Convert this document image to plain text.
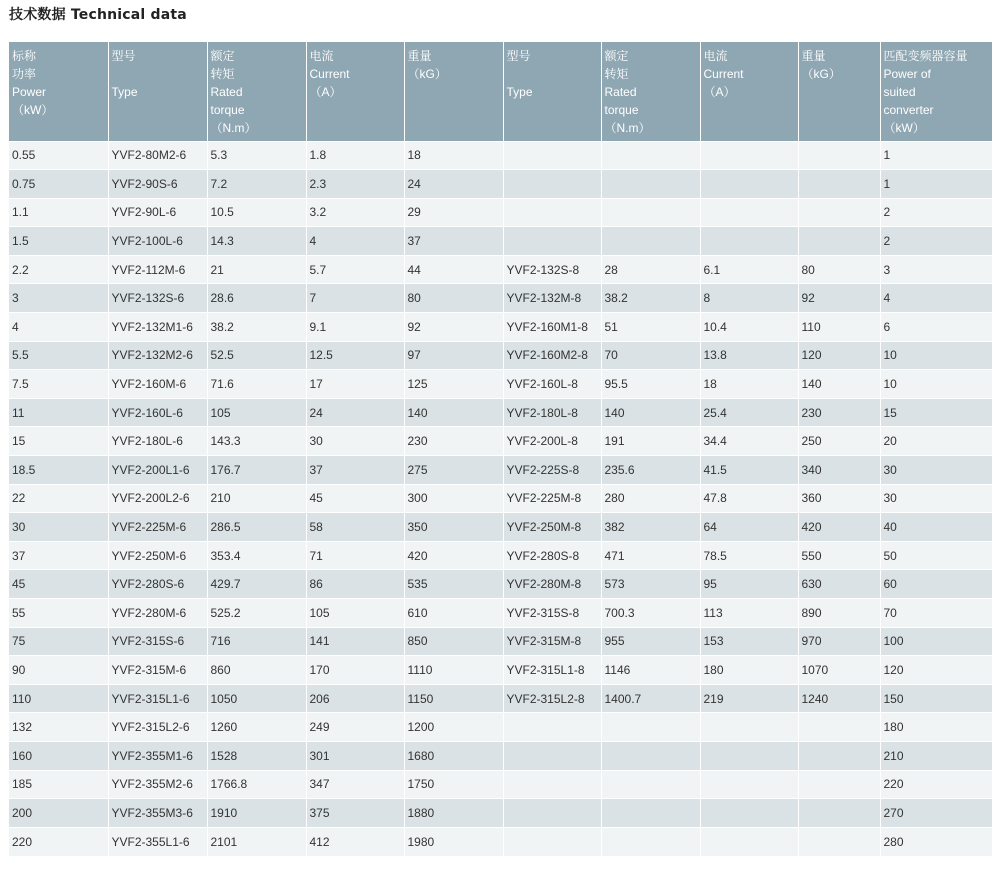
技术数据 Technical data
标称
功率
Power
（kW）	型号

Type	额定
转矩
Rated
torque
（N.m）	电流
Current
（A）	重量
（kG）	型号

Type	额定
转矩
Rated
torque
（N.m）	电流
Current
（A）	重量
（kG）	匹配变频器容量
Power of
suited
converter
（kW）
0.55	YVF2-80M2-6	5.3	1.8	18					1
0.75	YVF2-90S-6	7.2	2.3	24					1
1.1	YVF2-90L-6	10.5	3.2	29					2
1.5	YVF2-100L-6	14.3	4	37					2
2.2	YVF2-112M-6	21	5.7	44	YVF2-132S-8	28	6.1	80	3
3	YVF2-132S-6	28.6	7	80	YVF2-132M-8	38.2	8	92	4
4	YVF2-132M1-6	38.2	9.1	92	YVF2-160M1-8	51	10.4	110	6
5.5	YVF2-132M2-6	52.5	12.5	97	YVF2-160M2-8	70	13.8	120	10
7.5	YVF2-160M-6	71.6	17	125	YVF2-160L-8	95.5	18	140	10
11	YVF2-160L-6	105	24	140	YVF2-180L-8	140	25.4	230	15
15	YVF2-180L-6	143.3	30	230	YVF2-200L-8	191	34.4	250	20
18.5	YVF2-200L1-6	176.7	37	275	YVF2-225S-8	235.6	41.5	340	30
22	YVF2-200L2-6	210	45	300	YVF2-225M-8	280	47.8	360	30
30	YVF2-225M-6	286.5	58	350	YVF2-250M-8	382	64	420	40
37	YVF2-250M-6	353.4	71	420	YVF2-280S-8	471	78.5	550	50
45	YVF2-280S-6	429.7	86	535	YVF2-280M-8	573	95	630	60
55	YVF2-280M-6	525.2	105	610	YVF2-315S-8	700.3	113	890	70
75	YVF2-315S-6	716	141	850	YVF2-315M-8	955	153	970	100
90	YVF2-315M-6	860	170	1110	YVF2-315L1-8	1146	180	1070	120
110	YVF2-315L1-6	1050	206	1150	YVF2-315L2-8	1400.7	219	1240	150
132	YVF2-315L2-6	1260	249	1200					180
160	YVF2-355M1-6	1528	301	1680					210
185	YVF2-355M2-6	1766.8	347	1750					220
200	YVF2-355M3-6	1910	375	1880					270
220	YVF2-355L1-6	2101	412	1980					280
